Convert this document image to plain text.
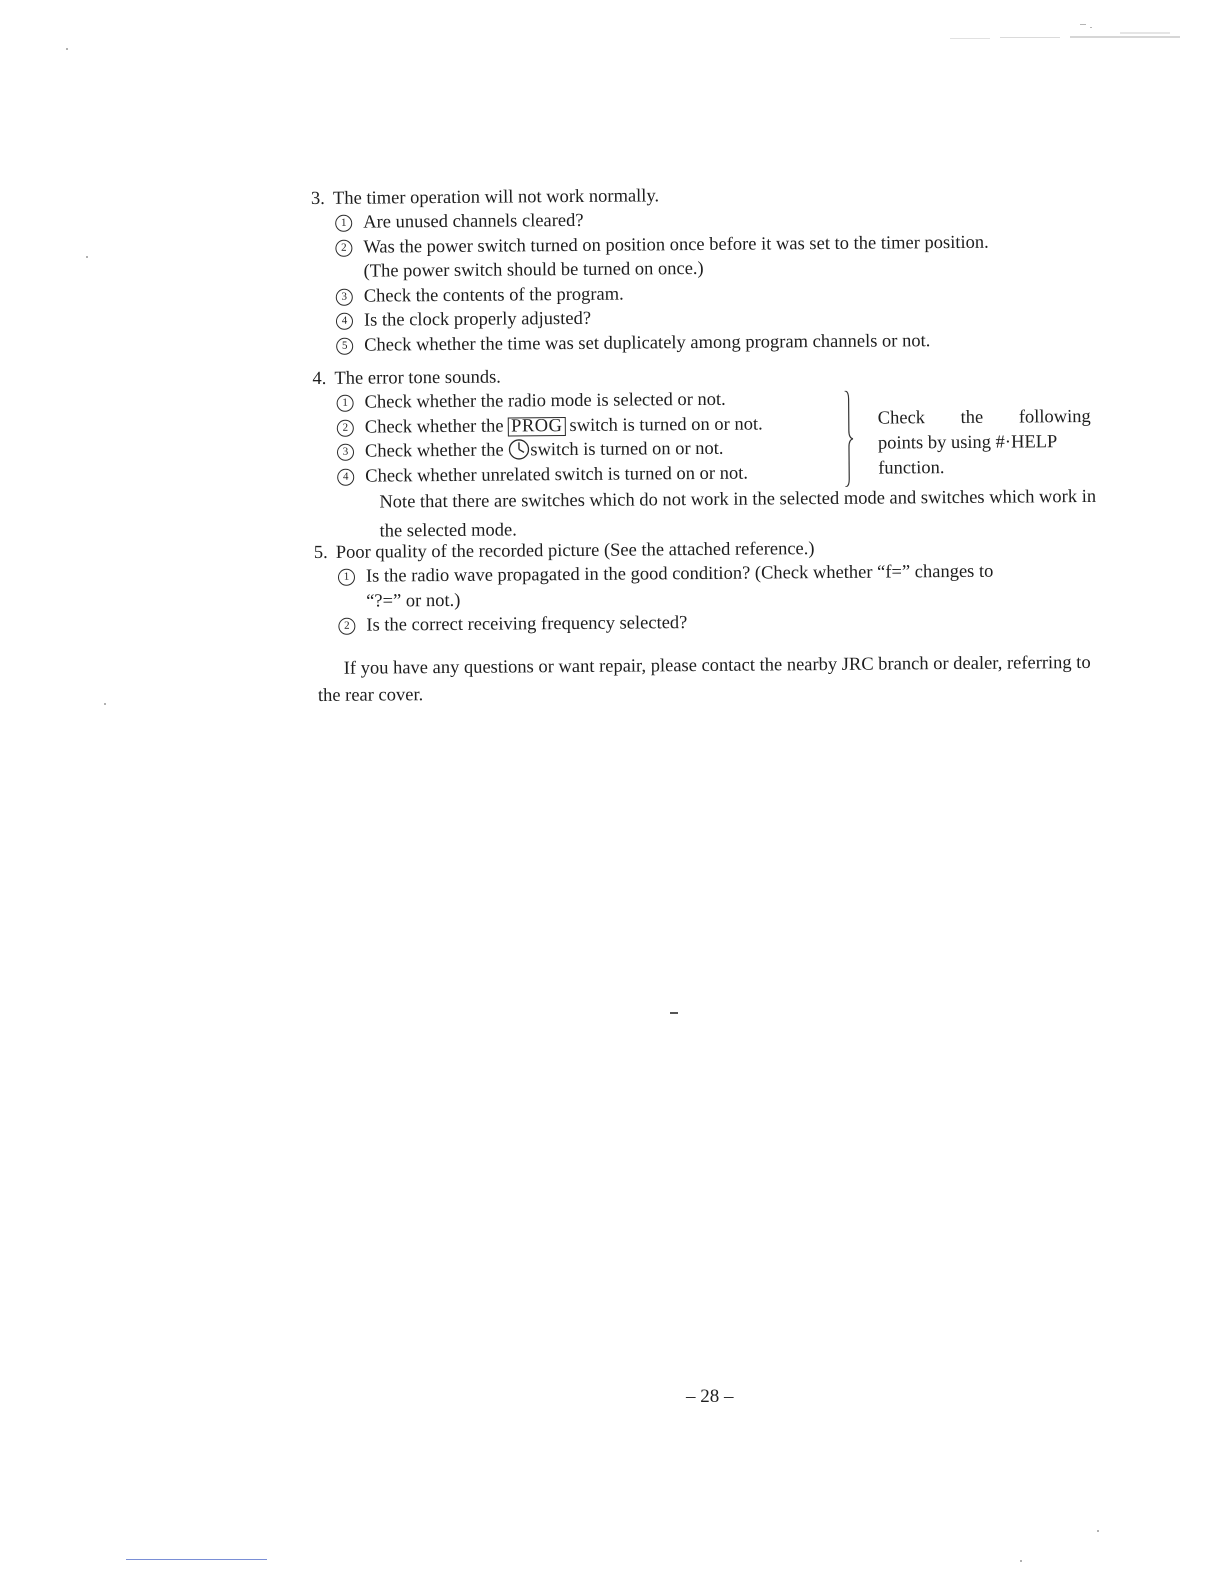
3. The timer operation will not work normally.
1 Are unused channels cleared?
2 Was the power switch turned on position once before it was set to the timer position.
(The power switch should be turned on once.)
3 Check the contents of the program.
4 Is the clock properly adjusted?
5 Check whether the time was set duplicately among program channels or not.
4. The error tone sounds.
1 Check whether the radio mode is selected or not.
2 Check whether the PROG switch is turned on or not.
3 Check whether the switch is turned on or not.
4 Check whether unrelated switch is turned on or not.
Check the following
points by using #·HELP
function.
Note that there are switches which do not work in the selected mode and switches which work in the selected mode.
5. Poor quality of the recorded picture (See the attached reference.)
1 Is the radio wave propagated in the good condition? (Check whether “f=” changes to
“?=” or not.)
2 Is the correct receiving frequency selected?
If you have any questions or want repair, please contact the nearby JRC branch or dealer, referring to the rear cover.
– 28 –
